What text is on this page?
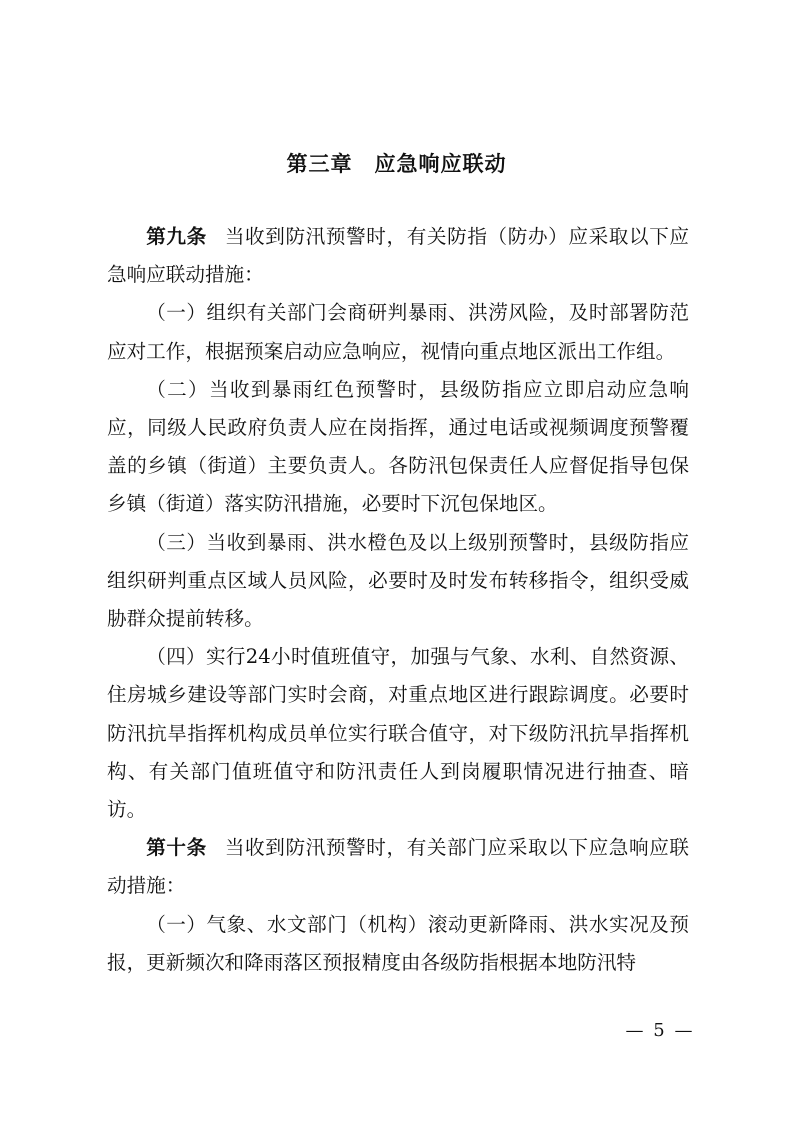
第三章　应急响应联动

第九条 当收到防汛预警时，有关防指（防办）应采取以下应急响应联动措施：

（一）组织有关部门会商研判暴雨、洪涝风险，及时部署防范应对工作，根据预案启动应急响应，视情向重点地区派出工作组。

（二）当收到暴雨红色预警时，县级防指应立即启动应急响应，同级人民政府负责人应在岗指挥，通过电话或视频调度预警覆盖的乡镇（街道）主要负责人。各防汛包保责任人应督促指导包保乡镇（街道）落实防汛措施，必要时下沉包保地区。

（三）当收到暴雨、洪水橙色及以上级别预警时，县级防指应组织研判重点区域人员风险，必要时及时发布转移指令，组织受威胁群众提前转移。

（四）实行24小时值班值守，加强与气象、水利、自然资源、住房城乡建设等部门实时会商，对重点地区进行跟踪调度。必要时防汛抗旱指挥机构成员单位实行联合值守，对下级防汛抗旱指挥机构、有关部门值班值守和防汛责任人到岗履职情况进行抽查、暗访。

第十条 当收到防汛预警时，有关部门应采取以下应急响应联动措施：

（一）气象、水文部门（机构）滚动更新降雨、洪水实况及预报，更新频次和降雨落区预报精度由各级防指根据本地防汛特

— 5 —
